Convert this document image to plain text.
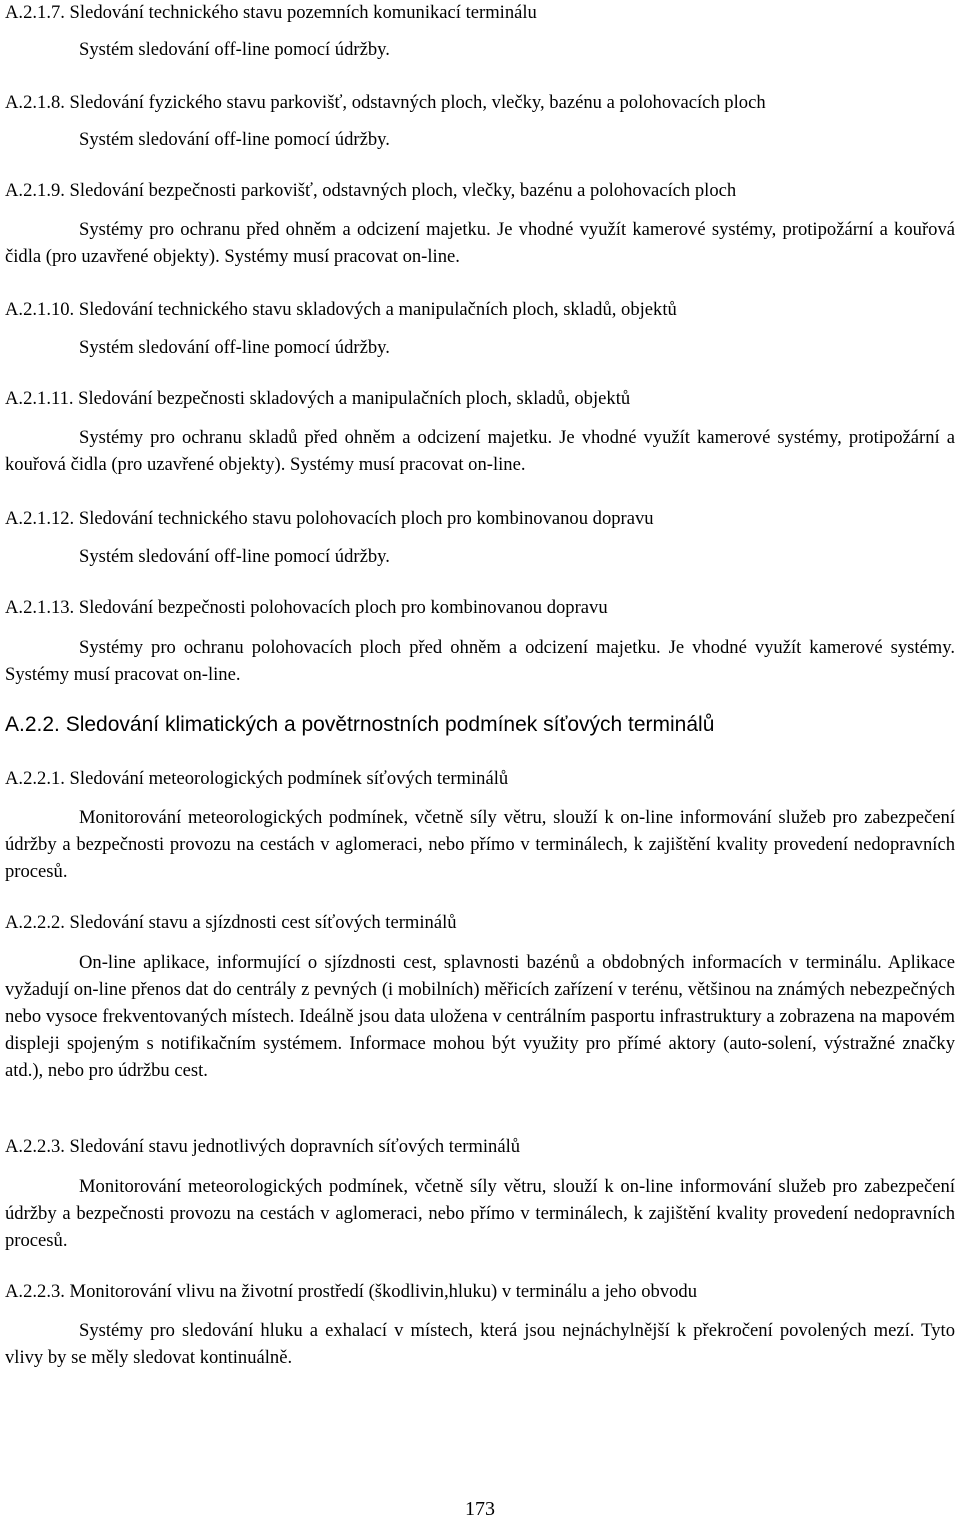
A.2.1.7. Sledování technického stavu pozemních komunikací terminálu

Systém sledování off-line pomocí údržby.

A.2.1.8. Sledování fyzického stavu parkovišť, odstavných ploch, vlečky, bazénu a polohovacích ploch

Systém sledování off-line pomocí údržby.

A.2.1.9. Sledování bezpečnosti parkovišť, odstavných ploch, vlečky, bazénu a polohovacích ploch

Systémy pro ochranu před ohněm a odcizení majetku. Je vhodné využít kamerové systémy, protipožární a kouřová čidla (pro uzavřené objekty). Systémy musí pracovat on-line.

A.2.1.10. Sledování technického stavu skladových a manipulačních ploch, skladů, objektů

Systém sledování off-line pomocí údržby.

A.2.1.11. Sledování bezpečnosti skladových a manipulačních ploch, skladů, objektů

Systémy pro ochranu skladů před ohněm a odcizení majetku. Je vhodné využít kamerové systémy, protipožární a kouřová čidla (pro uzavřené objekty). Systémy musí pracovat on-line.

A.2.1.12. Sledování technického stavu polohovacích ploch pro kombinovanou dopravu

Systém sledování off-line pomocí údržby.

A.2.1.13. Sledování bezpečnosti polohovacích ploch pro kombinovanou dopravu

Systémy pro ochranu polohovacích ploch před ohněm a odcizení majetku. Je vhodné využít kamerové systémy. Systémy musí pracovat on-line.

A.2.2. Sledování klimatických a povětrnostních podmínek síťových terminálů

A.2.2.1. Sledování meteorologických podmínek síťových terminálů

Monitorování meteorologických podmínek, včetně síly větru, slouží k on-line informování služeb pro zabezpečení údržby a bezpečnosti provozu na cestách v aglomeraci, nebo přímo v terminálech, k zajištění kvality provedení nedopravních procesů.

A.2.2.2. Sledování stavu a sjízdnosti cest síťových terminálů

On-line aplikace, informující o sjízdnosti cest, splavnosti bazénů a obdobných informacích v terminálu. Aplikace vyžadují on-line přenos dat do centrály z pevných (i mobilních) měřicích zařízení v terénu, většinou na známých nebezpečných nebo vysoce frekventovaných místech. Ideálně jsou data uložena v centrálním pasportu infrastruktury a zobrazena na mapovém displeji spojeným s notifikačním systémem. Informace mohou být využity pro přímé aktory (auto-solení, výstražné značky atd.), nebo pro údržbu cest.

A.2.2.3. Sledování stavu jednotlivých dopravních síťových terminálů

Monitorování meteorologických podmínek, včetně síly větru, slouží k on-line informování služeb pro zabezpečení údržby a bezpečnosti provozu na cestách v aglomeraci, nebo přímo v terminálech, k zajištění kvality provedení nedopravních procesů.

A.2.2.3. Monitorování vlivu na životní prostředí (škodlivin,hluku) v terminálu a jeho obvodu

Systémy pro sledování hluku a exhalací v místech, která jsou nejnáchylnější k překročení povolených mezí. Tyto vlivy by se měly sledovat kontinuálně.

173
